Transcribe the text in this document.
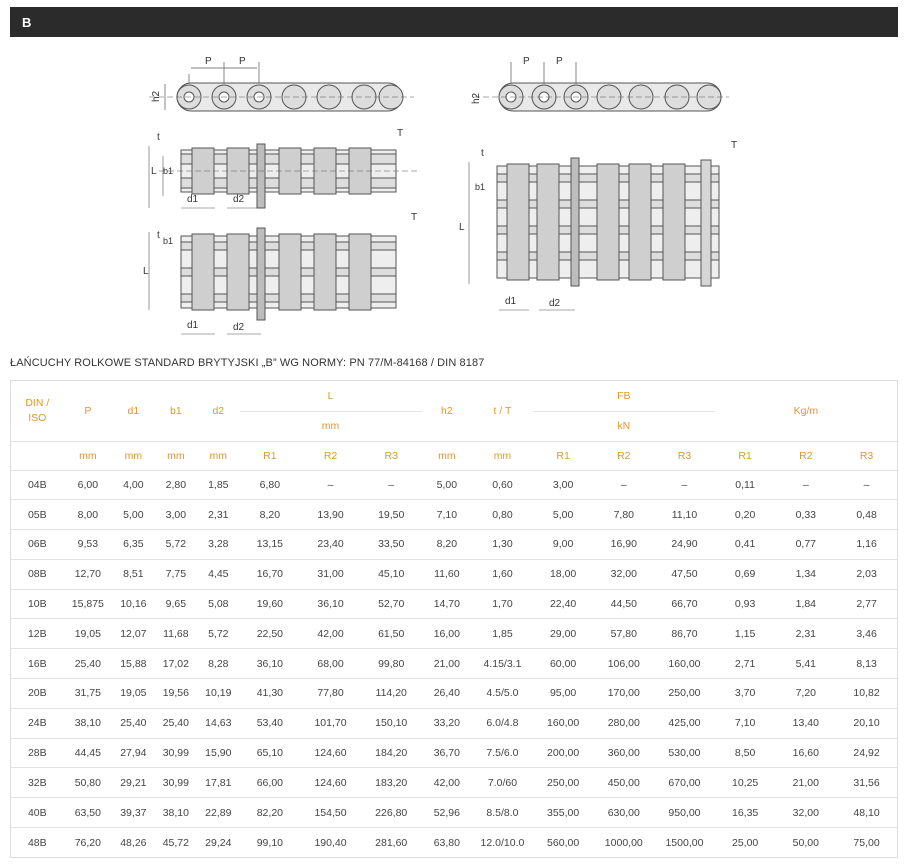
B
P	P
h2
t	T
L b1
d1	d2
t
T
L
b1
d1	d2
P	P
h2
t
T
L
b1
d1	d2
ŁAŃCUCHY ROLKOWE STANDARD BRYTYJSKI „B” WG NORMY: PN 77/M-84168 / DIN 8187
DIN /
ISO	P	d1	b1	d2	L			h2	t / T	FB			Kg/m		
					mm					kN					
	mm	mm	mm	mm	R1	R2	R3	mm	mm	R1	R2	R3	R1	R2	R3
04B	6,00	4,00	2,80	1,85	6,80	–	–	5,00	0,60	3,00	–	–	0,11	–	–
05B	8,00	5,00	3,00	2,31	8,20	13,90	19,50	7,10	0,80	5,00	7,80	11,10	0,20	0,33	0,48
06B	9,53	6,35	5,72	3,28	13,15	23,40	33,50	8,20	1,30	9,00	16,90	24,90	0,41	0,77	1,16
08B	12,70	8,51	7,75	4,45	16,70	31,00	45,10	11,60	1,60	18,00	32,00	47,50	0,69	1,34	2,03
10B	15,875	10,16	9,65	5,08	19,60	36,10	52,70	14,70	1,70	22,40	44,50	66,70	0,93	1,84	2,77
12B	19,05	12,07	11,68	5,72	22,50	42,00	61,50	16,00	1,85	29,00	57,80	86,70	1,15	2,31	3,46
16B	25,40	15,88	17,02	8,28	36,10	68,00	99,80	21,00	4.15/3.1	60,00	106,00	160,00	2,71	5,41	8,13
20B	31,75	19,05	19,56	10,19	41,30	77,80	114,20	26,40	4.5/5.0	95,00	170,00	250,00	3,70	7,20	10,82
24B	38,10	25,40	25,40	14,63	53,40	101,70	150,10	33,20	6.0/4.8	160,00	280,00	425,00	7,10	13,40	20,10
28B	44,45	27,94	30,99	15,90	65,10	124,60	184,20	36,70	7.5/6.0	200,00	360,00	530,00	8,50	16,60	24,92
32B	50,80	29,21	30,99	17,81	66,00	124,60	183,20	42,00	7.0/60	250,00	450,00	670,00	10,25	21,00	31,56
40B	63,50	39,37	38,10	22,89	82,20	154,50	226,80	52,96	8.5/8.0	355,00	630,00	950,00	16,35	32,00	48,10
48B	76,20	48,26	45,72	29,24	99,10	190,40	281,60	63,80	12.0/10.0	560,00	1000,00	1500,00	25,00	50,00	75,00
